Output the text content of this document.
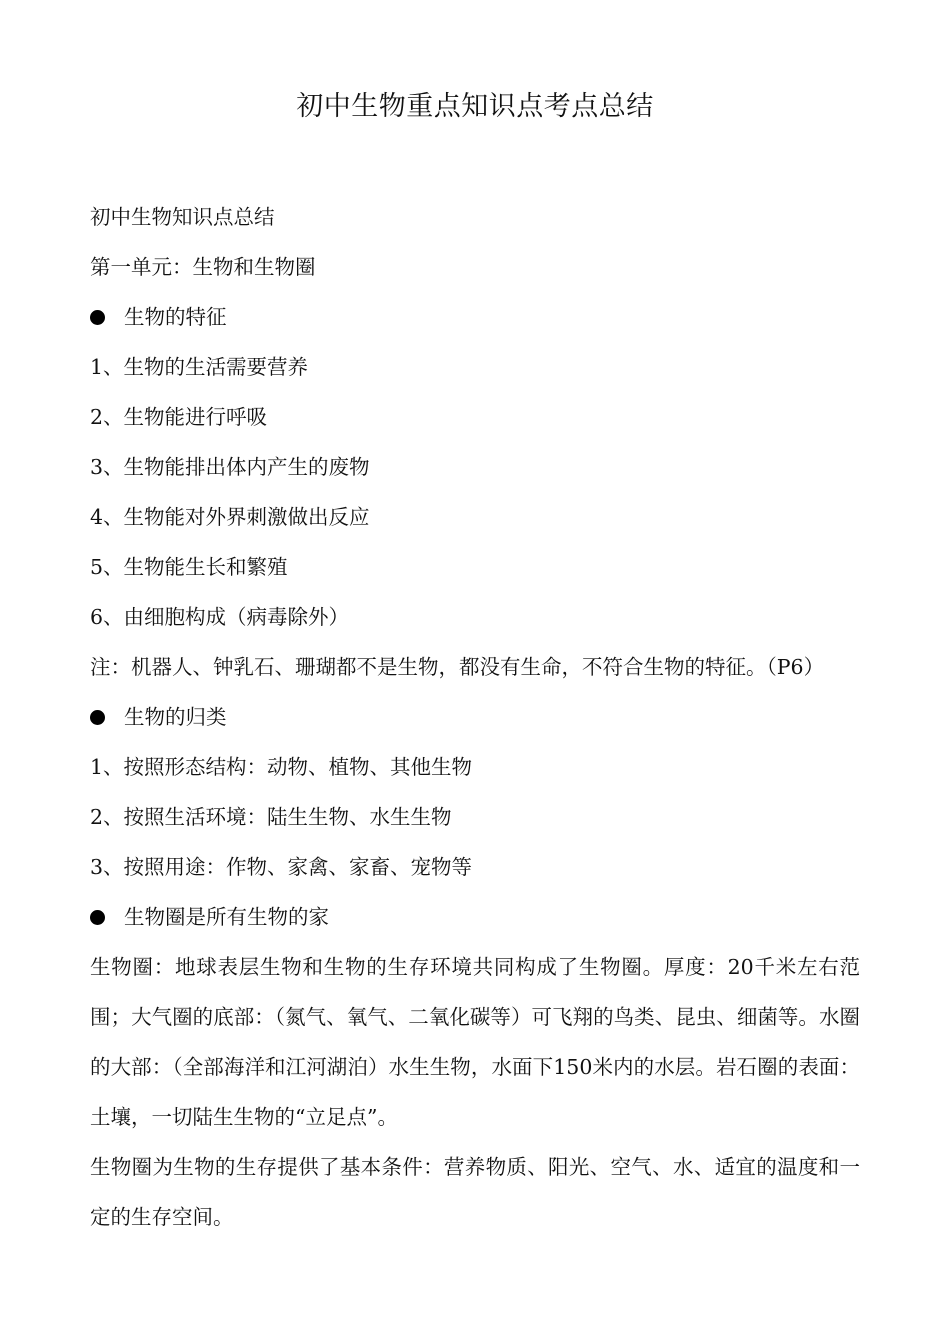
初中生物重点知识点考点总结
初中生物知识点总结
第一单元：生物和生物圈
生物的特征
1、生物的生活需要营养
2、生物能进行呼吸
3、生物能排出体内产生的废物
4、生物能对外界刺激做出反应
5、生物能生长和繁殖
6、由细胞构成（病毒除外）
注：机器人、钟乳石、珊瑚都不是生物，都没有生命，不符合生物的特征。（P6）
生物的归类
1、按照形态结构：动物、植物、其他生物
2、按照生活环境：陆生生物、水生生物
3、按照用途：作物、家禽、家畜、宠物等
生物圈是所有生物的家

生物圈：地球表层生物和生物的生存环境共同构成了生物圈。厚度：20千米左右范围；大气圈的底部：（氮气、氧气、二氧化碳等）可飞翔的鸟类、昆虫、细菌等。水圈的大部：（全部海洋和江河湖泊）水生生物，水面下150米内的水层。岩石圈的表面：土壤，一切陆生生物的“立足点”。

生物圈为生物的生存提供了基本条件：营养物质、阳光、空气、水、适宜的温度和一定的生存空间。
